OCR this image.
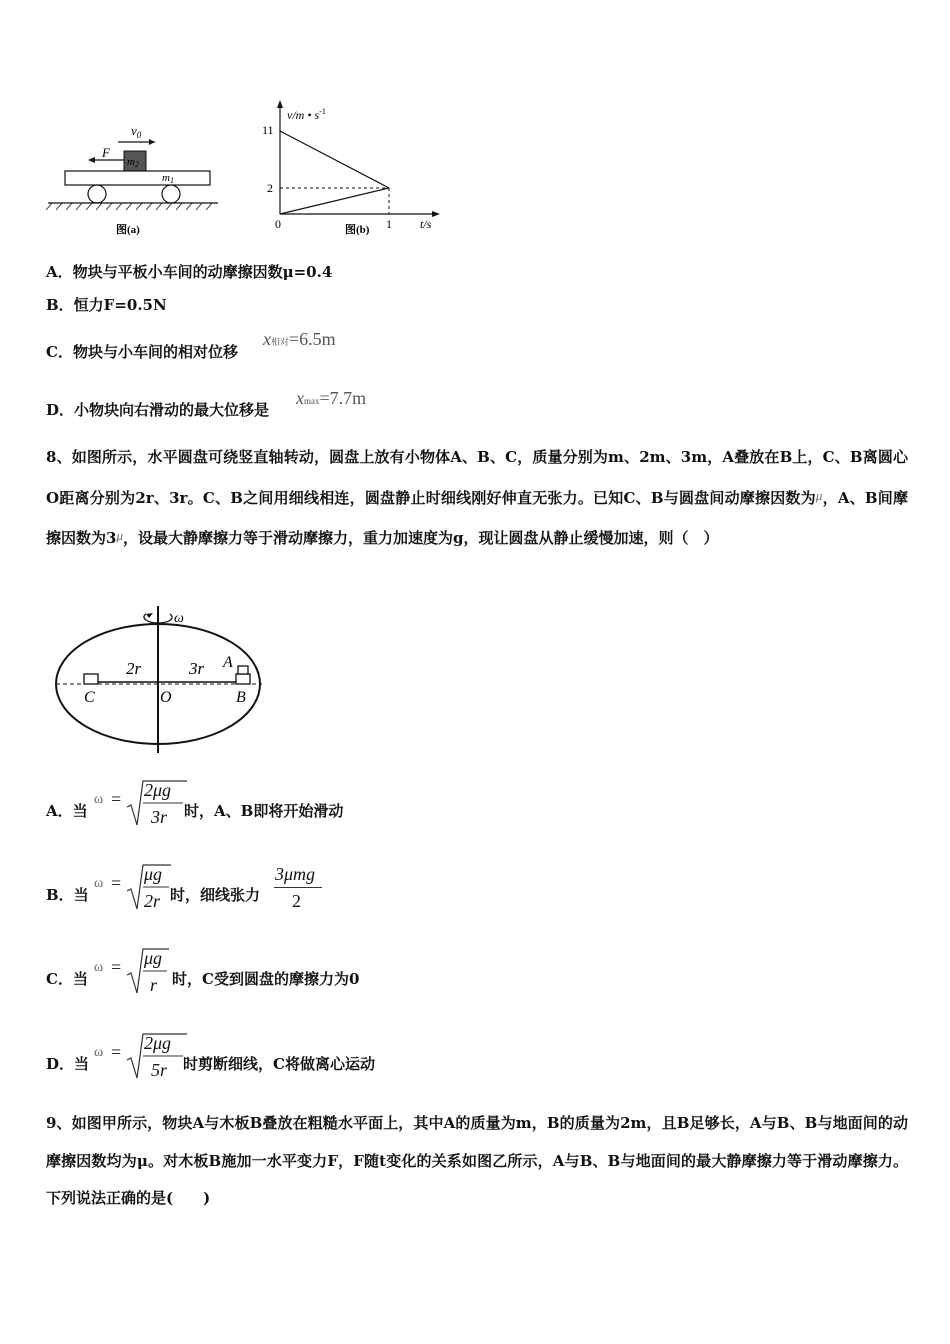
$v_0$
F
m2
m1
图(a)
v/m • $s^{-1}$
11
2
0	1 t/s
图(b)
A．物块与平板小车间的动摩擦因数μ=0.4
B．恒力F=0.5N
C．物块与小车间的相对位移
x相对=6.5m
D．小物块向右滑动的最大位移是
xmax=7.7m
8、如图所示，水平圆盘可绕竖直轴转动，圆盘上放有小物体A、B、C，质量分别为m、2m、3m，A叠放在B上，C、B离圆心O距离分别为2r、3r。C、B之间用细线相连，圆盘静止时细线刚好伸直无张力。已知C、B与圆盘间动摩擦因数为μ，A、B间摩擦因数为3μ，设最大静摩擦力等于滑动摩擦力，重力加速度为g，现让圆盘从静止缓慢加速，则（　）
ω
2r	3r A
B
C	O
A．当
ω = 2μg
3r 时，A、B即将开始滑动
B．当
ω = μg
2r 时，细线张力
3μmg
2
C．当
ω = μg
r 时，C受到圆盘的摩擦力为0
D．当
ω = 2μg
5r 时剪断细线，C将做离心运动
9、如图甲所示，物块A与木板B叠放在粗糙水平面上，其中A的质量为m，B的质量为2m，且B足够长，A与B、B与地面间的动摩擦因数均为μ。对木板B施加一水平变力F，F随t变化的关系如图乙所示，A与B、B与地面间的最大静摩擦力等于滑动摩擦力。下列说法正确的是(　　)
